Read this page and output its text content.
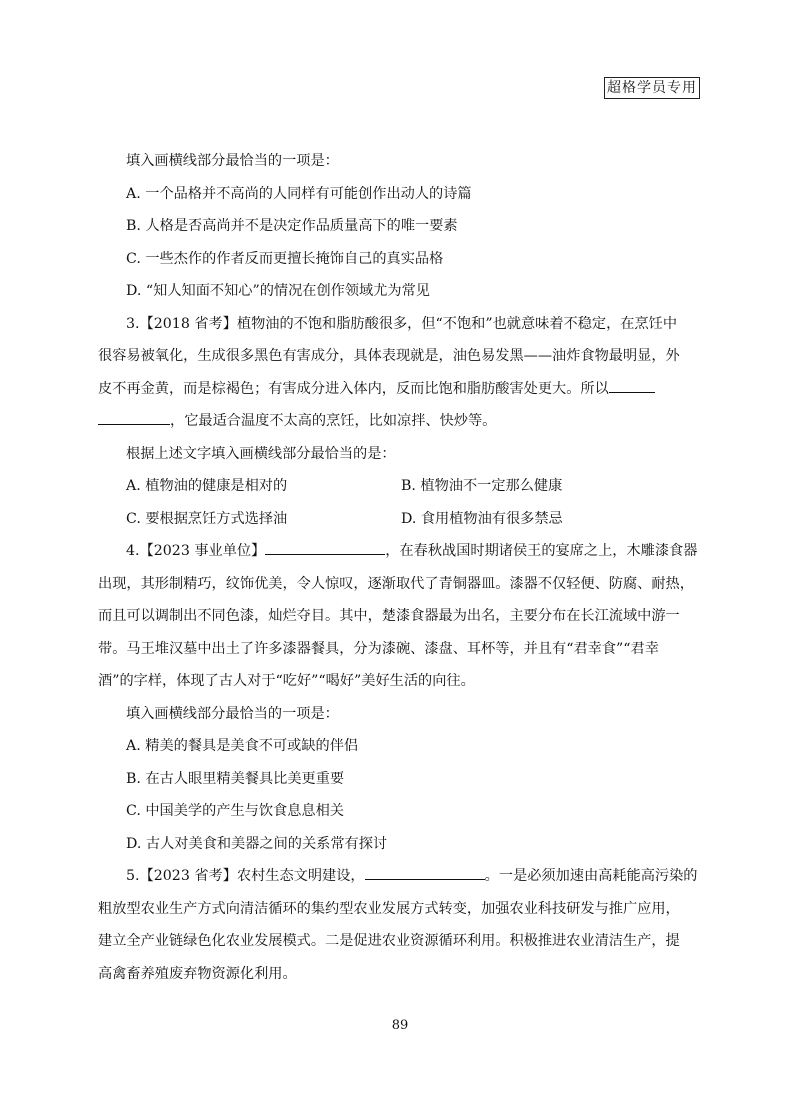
超格学员专用

填入画横线部分最恰当的一项是：

A. 一个品格并不高尚的人同样有可能创作出动人的诗篇

B. 人格是否高尚并不是决定作品质量高下的唯一要素

C. 一些杰作的作者反而更擅长掩饰自己的真实品格

D. “知人知面不知心”的情况在创作领域尤为常见

3.【2018 省考】植物油的不饱和脂肪酸很多，但“不饱和”也就意味着不稳定，在烹饪中

很容易被氧化，生成很多黑色有害成分，具体表现就是，油色易发黑——油炸食物最明显，外

皮不再金黄，而是棕褐色；有害成分进入体内，反而比饱和脂肪酸害处更大。所以

，它最适合温度不太高的烹饪，比如凉拌、快炒等。

根据上述文字填入画横线部分最恰当的是：

A. 植物油的健康是相对的	B. 植物油不一定那么健康
C. 要根据烹饪方式选择油	D. 食用植物油有很多禁忌

4.【2023 事业单位】	，在春秋战国时期诸侯王的宴席之上，木雕漆食器

出现，其形制精巧，纹饰优美，令人惊叹，逐渐取代了青铜器皿。漆器不仅轻便、防腐、耐热，

而且可以调制出不同色漆，灿烂夺目。其中，楚漆食器最为出名，主要分布在长江流域中游一

带。马王堆汉墓中出土了许多漆器餐具，分为漆碗、漆盘、耳杯等，并且有“君幸食”“君幸

酒”的字样，体现了古人对于“吃好”“喝好”美好生活的向往。

填入画横线部分最恰当的一项是：

A. 精美的餐具是美食不可或缺的伴侣

B. 在古人眼里精美餐具比美更重要

C. 中国美学的产生与饮食息息相关

D. 古人对美食和美器之间的关系常有探讨

5.【2023 省考】农村生态文明建设，	。一是必须加速由高耗能高污染的

粗放型农业生产方式向清洁循环的集约型农业发展方式转变，加强农业科技研发与推广应用，

建立全产业链绿色化农业发展模式。二是促进农业资源循环利用。积极推进农业清洁生产，提

高禽畜养殖废弃物资源化利用。

89
